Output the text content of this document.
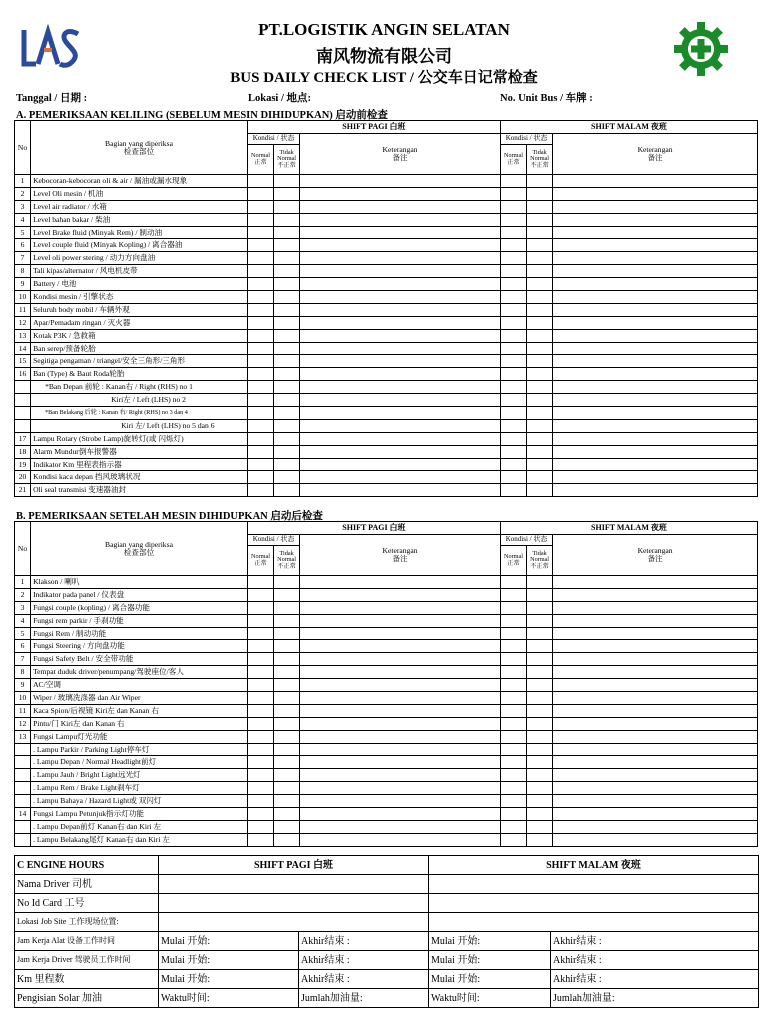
PT.LOGISTIK ANGIN SELATAN
南风物流有限公司
BUS DAILY CHECK LIST / 公交车日记常检查
Tanggal / 日期 :	Lokasi / 地点:	No. Unit Bus / 车牌 :
A. PEMERIKSAAN KELILING (SEBELUM MESIN DIHIDUPKAN) 启动前检查
No	Bagian yang diperiksa
检查部位	SHIFT PAGI 白班			SHIFT MALAM 夜班		
		Kondisi / 状态		Keterangan
备注	Kondisi / 状态		Keterangan
备注
		Normal
正常	Tidak
Normal
不正常		Normal
正常	Tidak
Normal
不正常	
1	Kebocoran-kebocoran oli & air / 漏油或漏水现象						
2	Level Oli mesin / 机油						
3	Level air radiator / 水箱						
4	Level bahan bakar / 柴油						
5	Level Brake fluid (Minyak Rem) / 制动油						
6	Level couple fluid (Minyak Kopling) / 离合器油						
7	Level oli power stering / 动力方向盘油						
8	Tali kipas/alternator / 风电机皮带						
9	Battery / 电池						
10	Kondisi mesin / 引擎状态						
11	Seluruh body mobil / 车辆外观						
12	Apar/Pemadam ringan / 灭火器						
13	Kotak P3K / 急救箱						
14	Ban serep/预备轮胎						
15	Segitiga pengaman / triangel/安全三角形/三角形						
16	Ban (Type) & Baut Roda轮胎						
	*Ban Depan 前轮 : Kanan右 / Right (RHS) no 1						
	Kiri左 / Left (LHS) no 2						
	*Ban Belakang 后轮 : Kanan 右/ Right (RHS) no 3 dan 4						
	Kiri 左/ Left (LHS) no 5 dan 6						
17	Lampu Rotary (Strobe Lamp)旋转灯(或 闪烁灯)						
18	Alarm Mundur倒车报警器						
19	Indikator Km 里程表指示器						
20	Kondisi kaca depan 挡风玻璃状况						
21	Oli seal transmisi 变速器油封						
B. PEMERIKSAAN SETELAH MESIN DIHIDUPKAN 启动后检查
No	Bagian yang diperiksa
检查部位	SHIFT PAGI 白班			SHIFT MALAM 夜班		
		Kondisi / 状态		Keterangan
备注	Kondisi / 状态		Keterangan
备注
		Normal
正常	Tidak
Normal
不正常		Normal
正常	Tidak
Normal
不正常	
1	Klakson / 喇叭						
2	Indikator pada panel / 仪表盘						
3	Fungsi couple (kopling) / 离合器功能						
4	Fungsi rem parkir / 手刹功能						
5	Fungsi Rem / 制动功能						
6	Fungsi Steering / 方向盘功能						
7	Fungsi Safety Belt / 安全带功能						
8	Tempat duduk driver/penumpang/驾驶座位/客人						
9	AC/空调						
10	Wiper / 玻璃洗涤器 dan Air Wiper						
11	Kaca Spion/后视镜 Kiri左 dan Kanan 右						
12	Pintu/门 Kiri左 dan Kanan 右						
13	Fungsi Lampu灯光功能						
	. Lampu Parkir / Parking Light停车灯						
	. Lampu Depan / Normal Headlight前灯						
	. Lampu Jauh / Bright Light远光灯						
	. Lampu Rem / Brake Light刹车灯						
	. Lampu Bahaya / Hazard Light或 双闪灯						
14	Fungsi Lampu Petunjuk指示灯功能						
	. Lampu Depan前灯 Kanan右 dan Kiri 左						
	. Lampu Belakang尾灯 Kanan右 dan Kiri 左						
C ENGINE HOURS	SHIFT PAGI 白班		SHIFT MALAM 夜班	
Nama Driver 司机				
No Id Card 工号				
Lokasi Job Site 工作现场位置:				
Jam Kerja Alat 设备工作时间	Mulai 开始:	Akhir结束 :	Mulai 开始:	Akhir结束 :
Jam Kerja Driver 驾驶员工作时间	Mulai 开始:	Akhir结束 :	Mulai 开始:	Akhir结束 :
Km 里程数	Mulai 开始:	Akhir结束 :	Mulai 开始:	Akhir结束 :
Pengisian Solar 加油	Waktu时间:	Jumlah加油量:	Waktu时间:	Jumlah加油量:
